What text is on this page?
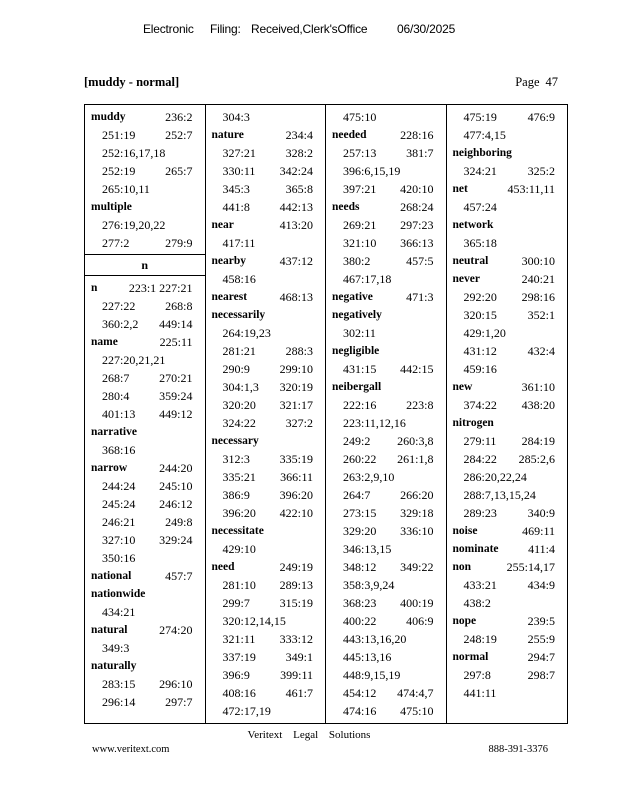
Electronic Filing: Received,Clerk'sOffice 06/30/2025
[muddy - normal]	Page 47
muddy	236:2
251:19 252:7
252:16,17,18
252:19 265:7
265:10,11
multiple
276:19,20,22
277:2	279:9
n
n	223:1 227:21
227:22 268:8
360:2,2 449:14
name	225:11
227:20,21,21
268:7 270:21
280:4 359:24
401:13 449:12
narrative
368:16
narrow	244:20
244:24 245:10
245:24 246:12
246:21 249:8
327:10 329:24
350:16
national	457:7
nationwide
434:21
natural	274:20
349:3
naturally
283:15 296:10
296:14 297:7
304:3
nature	234:4
327:21 328:2
330:11 342:24
345:3	365:8
441:8 442:13
near	413:20
417:11
nearby	437:12
458:16
nearest	468:13
necessarily
264:19,23
281:21 288:3
290:9 299:10
304:1,3 320:19
320:20 321:17
324:22 327:2
necessary
312:3 335:19
335:21 366:11
386:9 396:20
396:20 422:10
necessitate
429:10
need	249:19
281:10 289:13
299:7 315:19
320:12,14,15
321:11 333:12
337:19 349:1
396:9	399:11
408:16 461:7
472:17,19
475:10
needed	228:16
257:13 381:7
396:6,15,19
397:21 420:10
needs	268:24
269:21 297:23
321:10 366:13
380:2	457:5
467:17,18
negative	471:3
negatively
302:11
negligible
431:15 442:15
neibergall
222:16 223:8
223:11,12,16
249:2 260:3,8
260:22 261:1,8
263:2,9,10
264:7 266:20
273:15 329:18
329:20 336:10
346:13,15
348:12 349:22
358:3,9,24
368:23 400:19
400:22 406:9
443:13,16,20
445:13,16
448:9,15,19
454:12 474:4,7
474:16 475:10
475:19	476:9
477:4,15
neighboring
324:21	325:2
net	453:11,11
457:24
network
365:18
neutral	300:10
never	240:21
292:20 298:16
320:15	352:1
429:1,20
431:12	432:4
459:16
new	361:10
374:22 438:20
nitrogen
279:11 284:19
284:22 285:2,6
286:20,22,24
288:7,13,15,24
289:23	340:9
noise	469:11
nominate 411:4
non	255:14,17
433:21	434:9
438:2
nope	239:5
248:19	255:9
normal	294:7
297:8	298:7
441:11
Veritext Legal Solutions
www.veritext.com	888-391-3376
